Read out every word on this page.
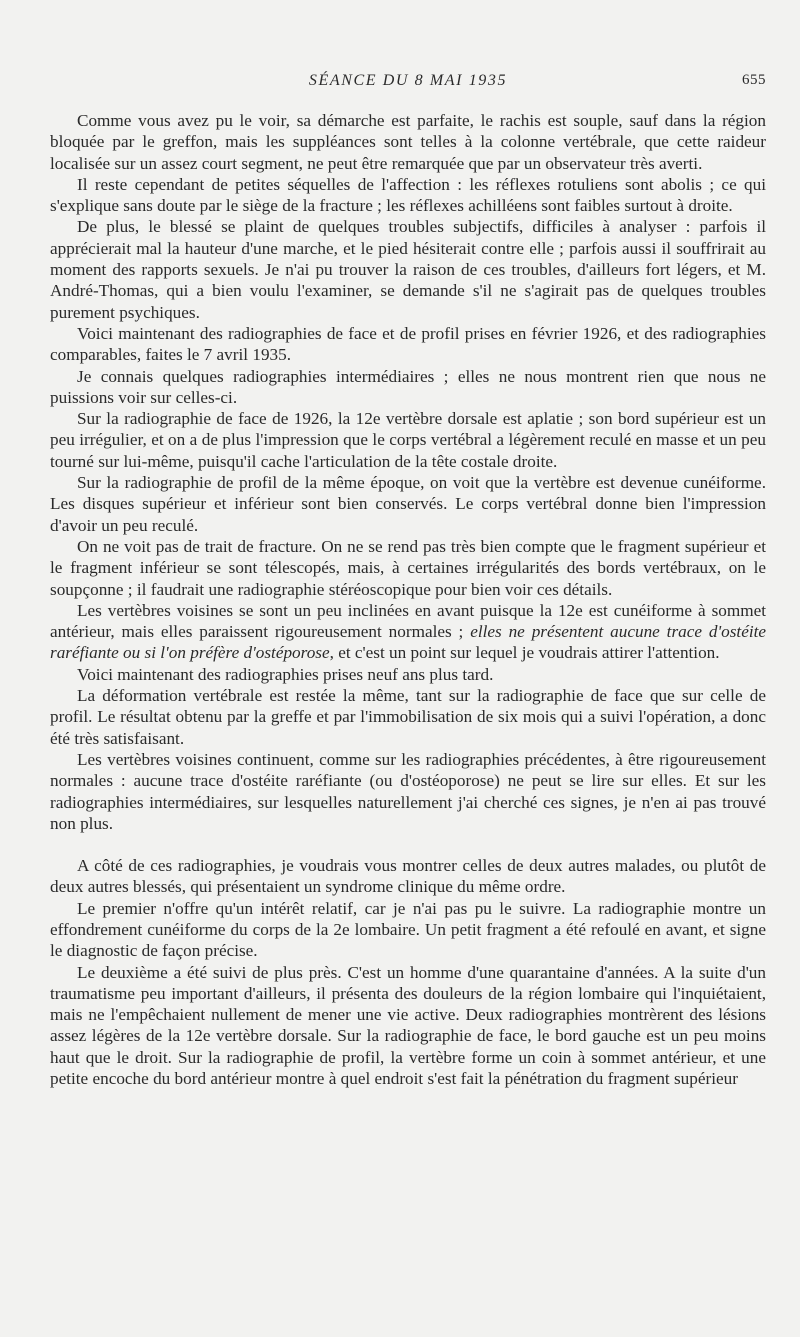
SÉANCE DU 8 MAI 1935	655

Comme vous avez pu le voir, sa démarche est parfaite, le rachis est souple, sauf dans la région bloquée par le greffon, mais les suppléances sont telles à la colonne vertébrale, que cette raideur localisée sur un assez court segment, ne peut être remarquée que par un observateur très averti.

Il reste cependant de petites séquelles de l'affection : les réflexes rotuliens sont abolis ; ce qui s'explique sans doute par le siège de la fracture ; les réflexes achilléens sont faibles surtout à droite.

De plus, le blessé se plaint de quelques troubles subjectifs, difficiles à analyser : parfois il apprécierait mal la hauteur d'une marche, et le pied hésiterait contre elle ; parfois aussi il souffrirait au moment des rapports sexuels. Je n'ai pu trouver la raison de ces troubles, d'ailleurs fort légers, et M. André-Thomas, qui a bien voulu l'examiner, se demande s'il ne s'agirait pas de quelques troubles purement psychiques.

Voici maintenant des radiographies de face et de profil prises en février 1926, et des radiographies comparables, faites le 7 avril 1935.

Je connais quelques radiographies intermédiaires ; elles ne nous montrent rien que nous ne puissions voir sur celles-ci.

Sur la radiographie de face de 1926, la 12e vertèbre dorsale est aplatie ; son bord supérieur est un peu irrégulier, et on a de plus l'impression que le corps vertébral a légèrement reculé en masse et un peu tourné sur lui-même, puisqu'il cache l'articulation de la tête costale droite.

Sur la radiographie de profil de la même époque, on voit que la vertèbre est devenue cunéiforme. Les disques supérieur et inférieur sont bien conservés. Le corps vertébral donne bien l'impression d'avoir un peu reculé.

On ne voit pas de trait de fracture. On ne se rend pas très bien compte que le fragment supérieur et le fragment inférieur se sont télescopés, mais, à certaines irrégularités des bords vertébraux, on le soupçonne ; il faudrait une radiographie stéréoscopique pour bien voir ces détails.

Les vertèbres voisines se sont un peu inclinées en avant puisque la 12e est cunéiforme à sommet antérieur, mais elles paraissent rigoureusement normales ; elles ne présentent aucune trace d'ostéite raréfiante ou si l'on préfère d'ostéporose, et c'est un point sur lequel je voudrais attirer l'attention.

Voici maintenant des radiographies prises neuf ans plus tard.

La déformation vertébrale est restée la même, tant sur la radiographie de face que sur celle de profil. Le résultat obtenu par la greffe et par l'immobilisation de six mois qui a suivi l'opération, a donc été très satisfaisant.

Les vertèbres voisines continuent, comme sur les radiographies précédentes, à être rigoureusement normales : aucune trace d'ostéite raréfiante (ou d'ostéoporose) ne peut se lire sur elles. Et sur les radiographies intermédiaires, sur lesquelles naturellement j'ai cherché ces signes, je n'en ai pas trouvé non plus.

A côté de ces radiographies, je voudrais vous montrer celles de deux autres malades, ou plutôt de deux autres blessés, qui présentaient un syndrome clinique du même ordre.

Le premier n'offre qu'un intérêt relatif, car je n'ai pas pu le suivre. La radiographie montre un effondrement cunéiforme du corps de la 2e lombaire. Un petit fragment a été refoulé en avant, et signe le diagnostic de façon précise.

Le deuxième a été suivi de plus près. C'est un homme d'une quarantaine d'années. A la suite d'un traumatisme peu important d'ailleurs, il présenta des douleurs de la région lombaire qui l'inquiétaient, mais ne l'empêchaient nullement de mener une vie active. Deux radiographies montrèrent des lésions assez légères de la 12e vertèbre dorsale. Sur la radiographie de face, le bord gauche est un peu moins haut que le droit. Sur la radiographie de profil, la vertèbre forme un coin à sommet antérieur, et une petite encoche du bord antérieur montre à quel endroit s'est fait la pénétration du fragment supérieur
